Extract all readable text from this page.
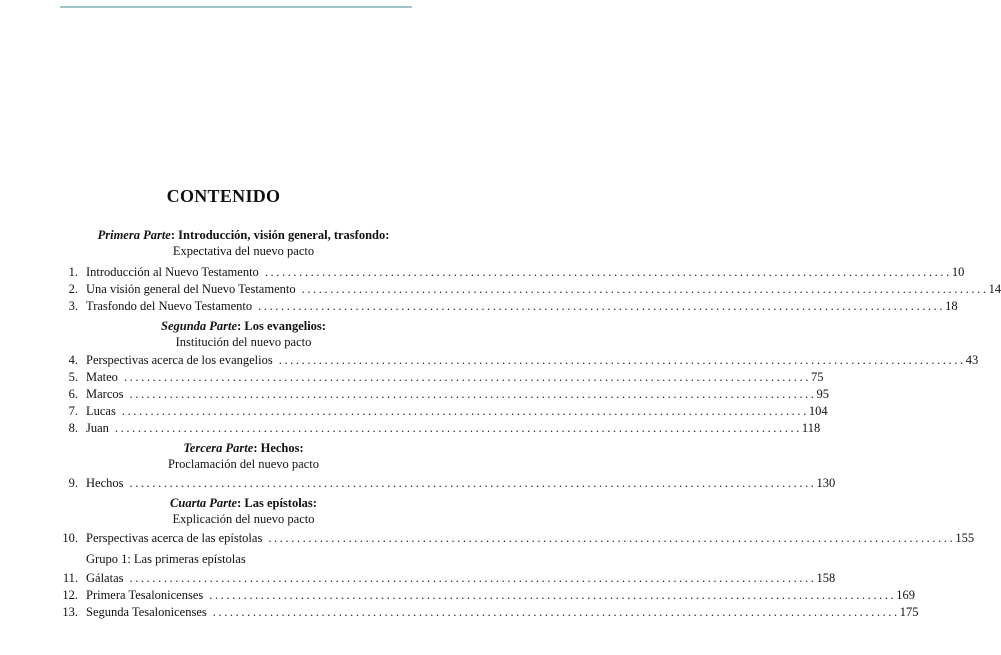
CONTENIDO
Primera Parte: Introducción, visión general, trasfondo:
Expectativa del nuevo pacto
1. Introducción al Nuevo Testamento ........................................................................................................................ 10
2. Una visión general del Nuevo Testamento ........................................................................................................................ 14
3. Trasfondo del Nuevo Testamento ........................................................................................................................ 18
Segunda Parte: Los evangelios:
Institución del nuevo pacto
4. Perspectivas acerca de los evangelios ........................................................................................................................ 43
5. Mateo ........................................................................................................................ 75
6. Marcos ........................................................................................................................ 95
7. Lucas ........................................................................................................................ 104
8. Juan ........................................................................................................................ 118
Tercera Parte: Hechos:
Proclamación del nuevo pacto
9. Hechos ........................................................................................................................ 130
Cuarta Parte: Las epístolas:
Explicación del nuevo pacto
10. Perspectivas acerca de las epístolas ........................................................................................................................ 155
Grupo 1: Las primeras epístolas
11. Gálatas ........................................................................................................................ 158
12. Primera Tesalonicenses ........................................................................................................................ 169
13. Segunda Tesalonicenses ........................................................................................................................ 175
